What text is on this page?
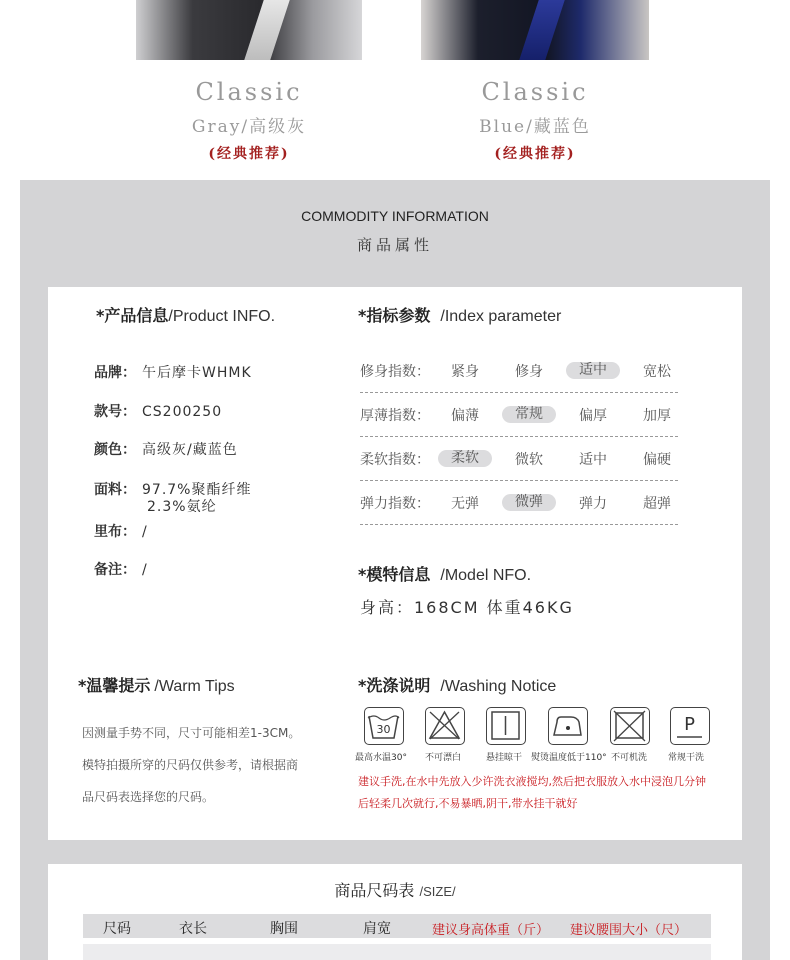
Classic
Gray/高级灰
(经典推荐)
Classic
Blue/藏蓝色
(经典推荐)
COMMODITY INFORMATION
商品属性
*产品信息/Product INFO.
品牌： 午后摩卡WHMK
款号： CS200250
颜色： 高级灰/藏蓝色
面料： 97.7%聚酯纤维
2.3%氨纶
里布： /
备注： /
*指标参数 /Index parameter
修身指数：	紧身	修身	适中	宽松
厚薄指数：	偏薄	常规	偏厚	加厚
柔软指数：	柔软	微软	适中	偏硬
弹力指数：	无弹	微弹	弹力	超弹
*模特信息 /Model NFO.
身高：168CM 体重46KG
*温馨提示 /Warm Tips
因测量手势不同，尺寸可能相差1-3CM。
模特拍摄所穿的尺码仅供参考，请根据商
品尺码表选择您的尺码。
*洗涤说明 /Washing Notice
30	P
最高水温30° 不可漂白	悬挂晾干 熨烫温度低于110° 不可机洗 常规干洗
建议手洗,在水中先放入少许洗衣液搅均,然后把衣服放入水中浸泡几分钟
后轻柔几次就行,不易暴晒,阴干,带水挂干就好
商品尺码表 /SIZE/
尺码	衣长	胸围	肩宽	建议身高体重（斤） 建议腰围大小（尺）
